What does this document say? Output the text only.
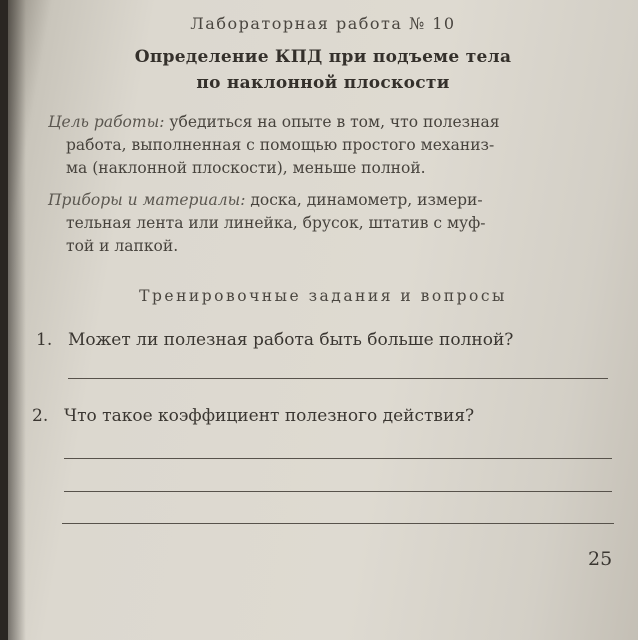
Лабораторная работа № 10
Определение КПД при подъеме тела
по наклонной плоскости
Цель работы: убедиться на опыте в том, что полезная
работа, выполненная с помощью простого механиз-
ма (наклонной плоскости), меньше полной.
Приборы и материалы: доска, динамометр, измери-
тельная лента или линейка, брусок, штатив с муф-
той и лапкой.
Тренировочные задания и вопросы
1. Может ли полезная работа быть больше полной?
2. Что такое коэффициент полезного действия?
25
